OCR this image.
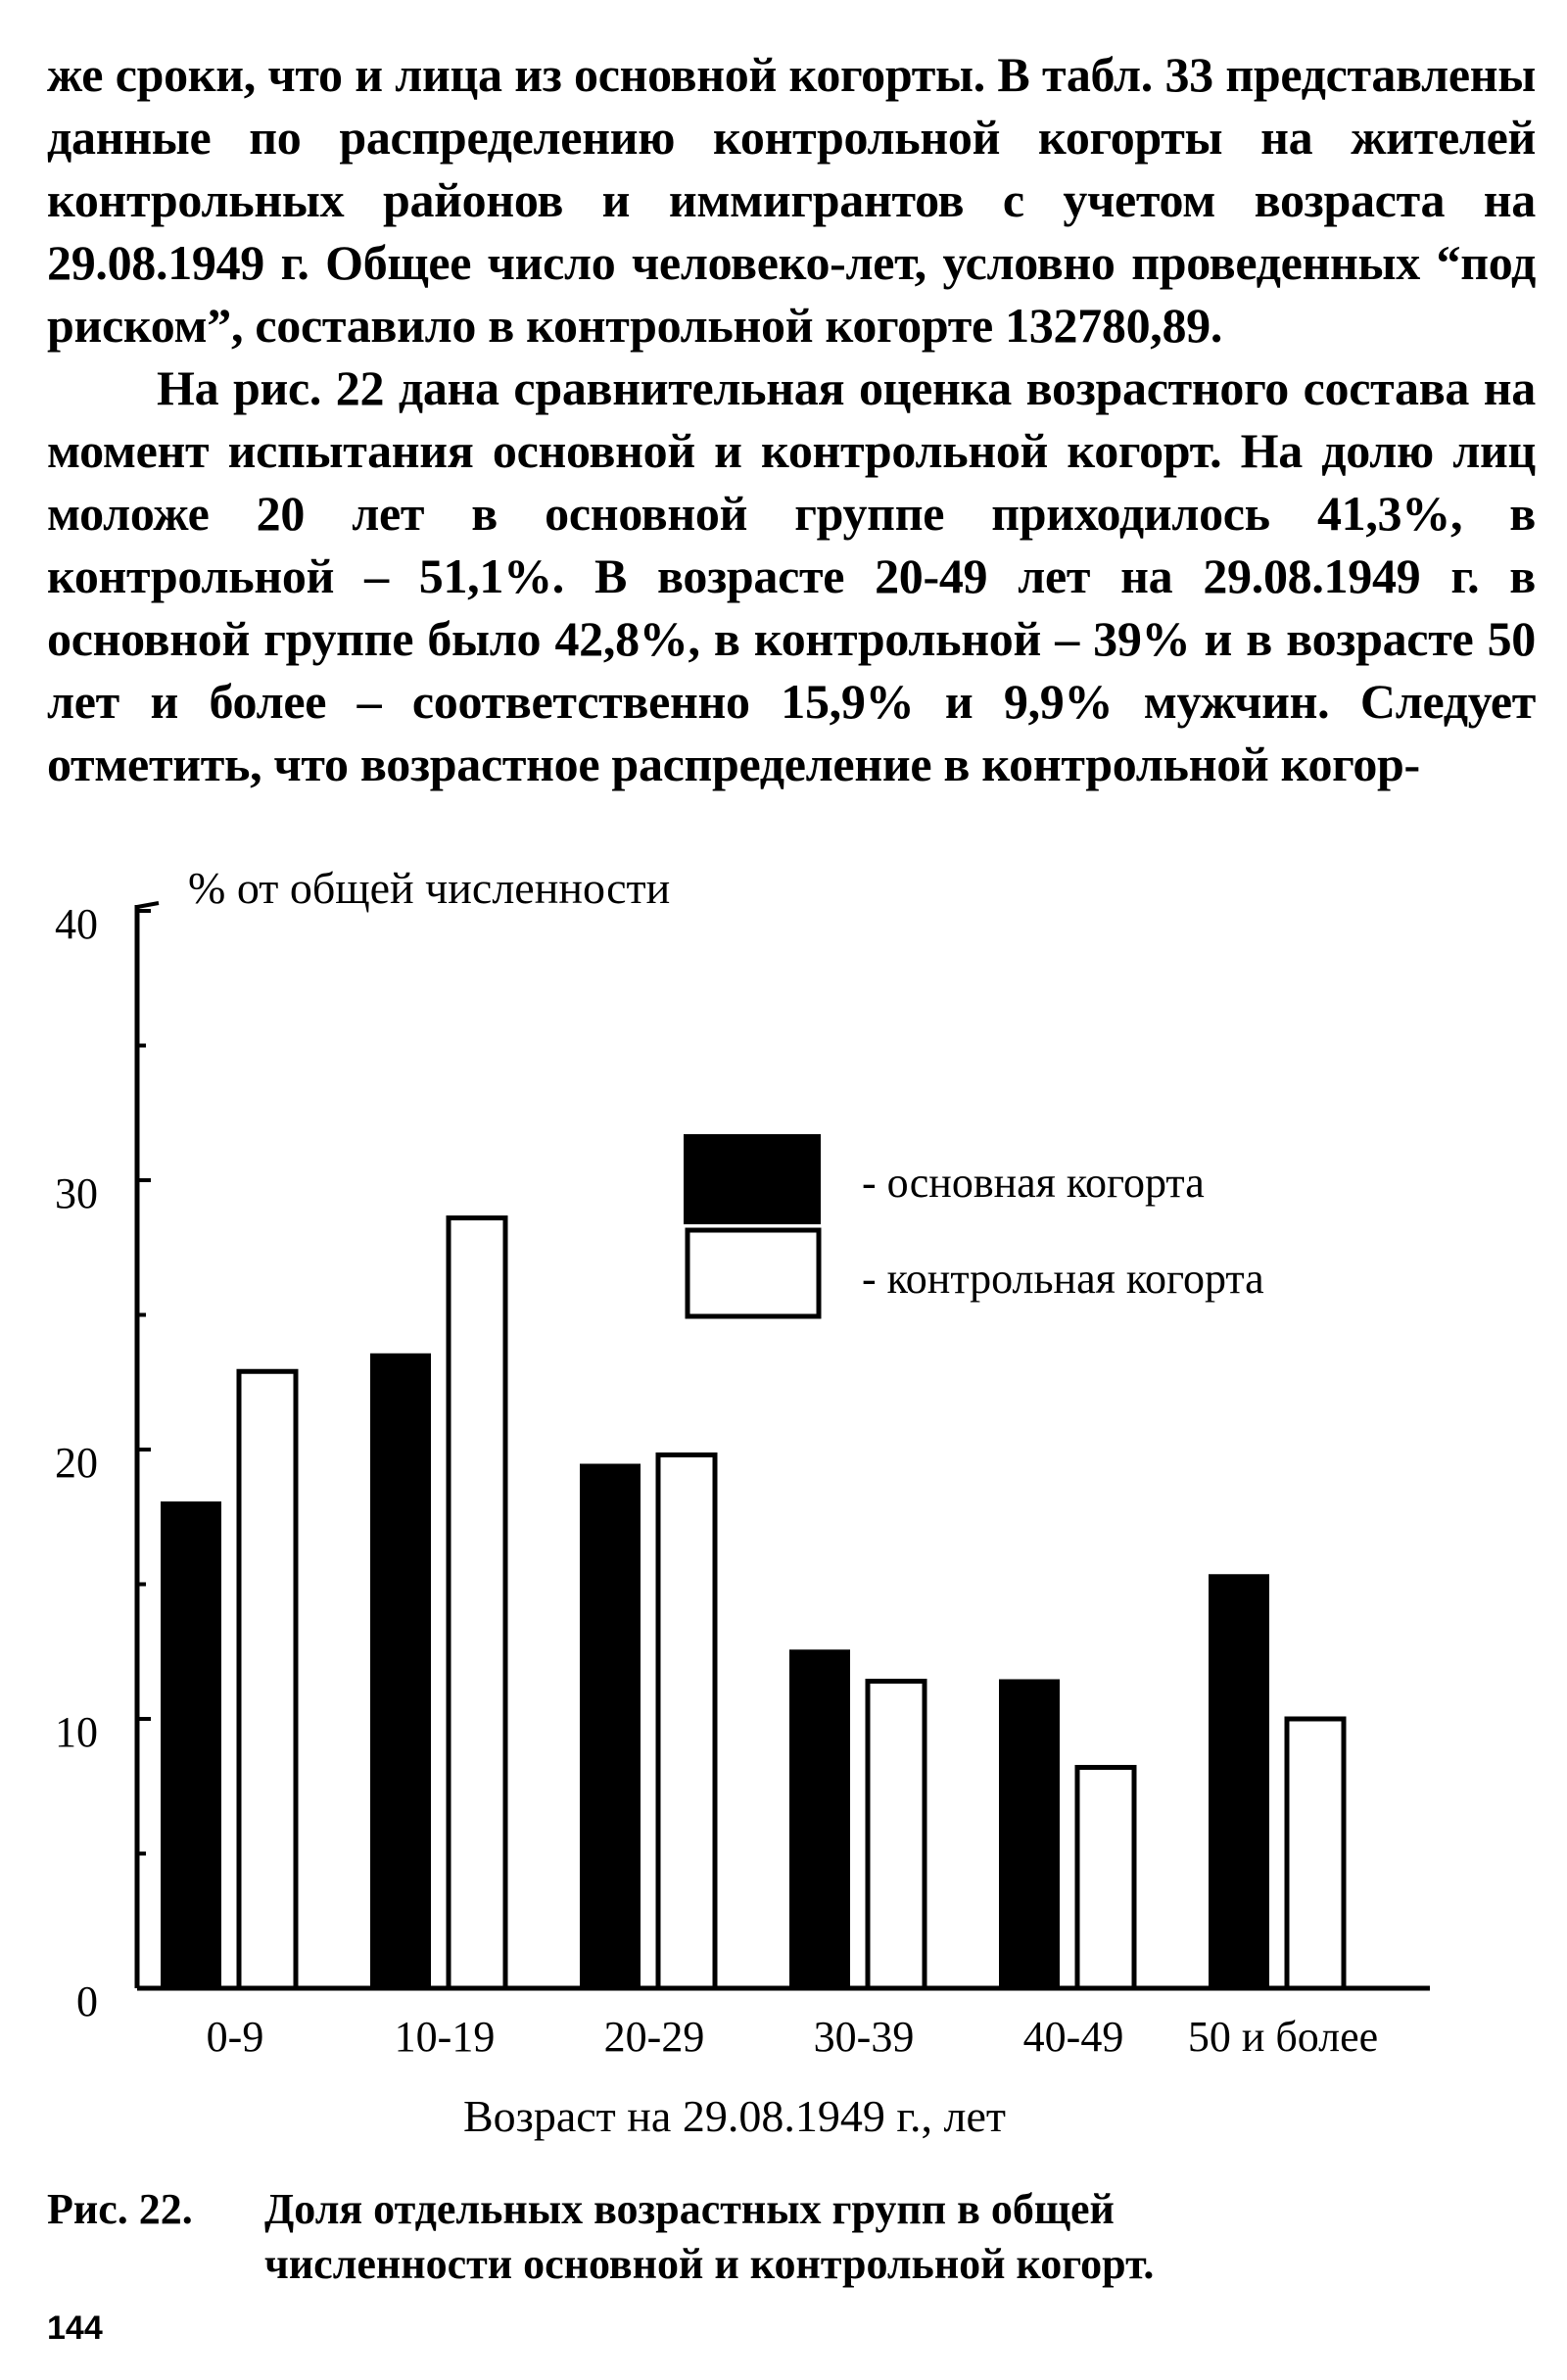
же сроки, что и лица из основной когорты. В табл. 33 представлены данные по распределению контрольной когорты на жителей контрольных районов и иммигрантов с учетом возраста на 29.08.1949 г. Общее число человеко-лет, условно проведенных “под риском”, составило в контрольной когорте 132780,89.

На рис. 22 дана сравнительная оценка возрастного состава на момент испытания основной и контрольной когорт. На долю лиц моложе 20 лет в основной группе приходилось 41,3%, в контрольной – 51,1%. В возрасте 20-49 лет на 29.08.1949 г. в основной группе было 42,8%, в контрольной – 39% и в возрасте 50 лет и более – соответственно 15,9% и 9,9% мужчин. Следует отметить, что возрастное распределение в контрольной когор-

0
10
20
30
40
% от общей численности
0-9	10-19	20-29	30-39	40-49 50 и более
- основная когорта
- контрольная когорта
Возраст на 29.08.1949 г., лет
Рис. 22. Доля отдельных возрастных групп в общей
численности основной и контрольной когорт.
144
